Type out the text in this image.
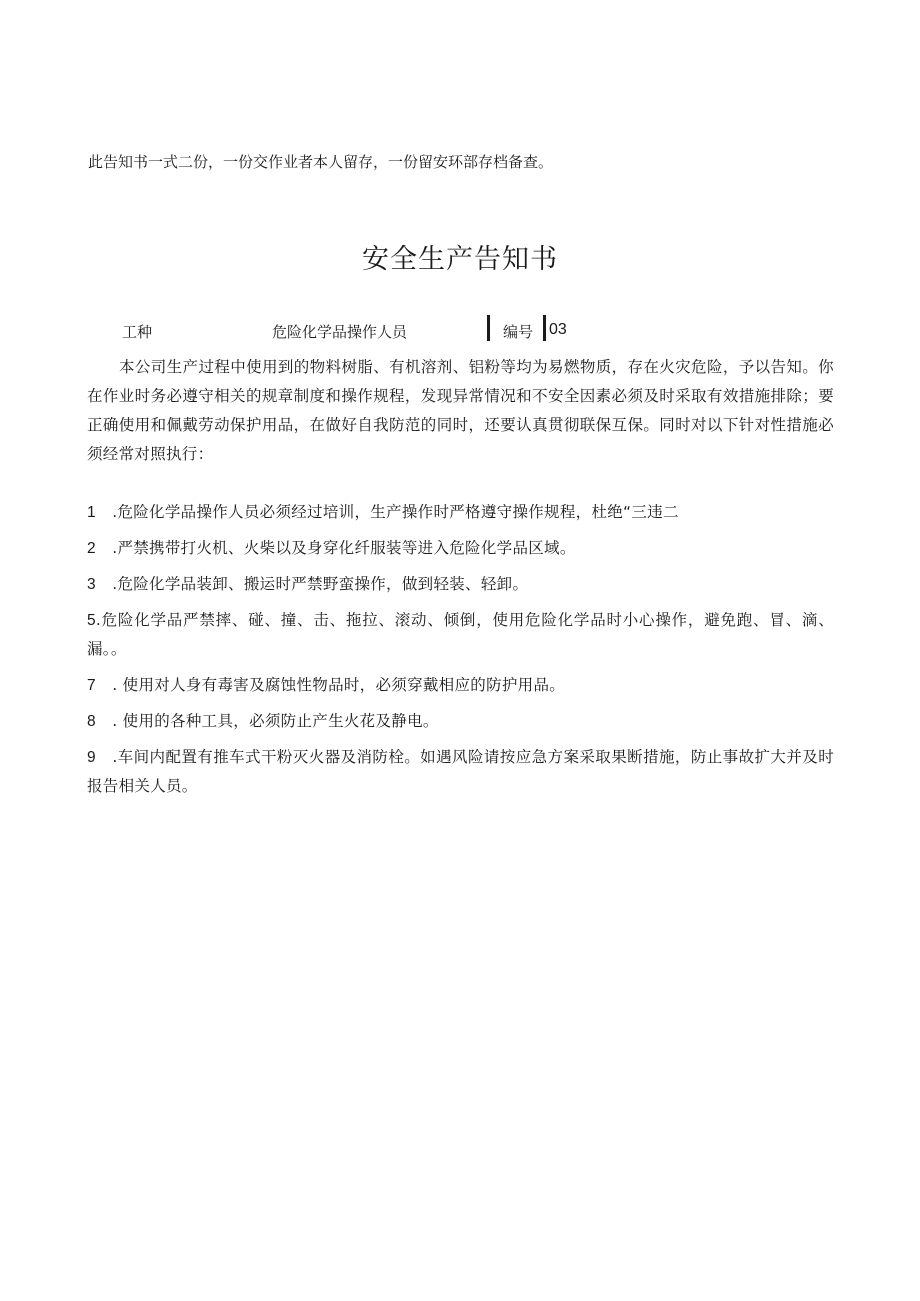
此告知书一式二份，一份交作业者本人留存，一份留安环部存档备查。
安全生产告知书
工种	危险化学品操作人员	编号 03
本公司生产过程中使用到的物料树脂、有机溶剂、铝粉等均为易燃物质，存在火灾危险，予以告知。你在作业时务必遵守相关的规章制度和操作规程，发现异常情况和不安全因素必须及时采取有效措施排除；要正确使用和佩戴劳动保护用品，在做好自我防范的同时，还要认真贯彻联保互保。同时对以下针对性措施必须经常对照执行：
1 .危险化学品操作人员必须经过培训，生产操作时严格遵守操作规程，杜绝“三违二
2 .严禁携带打火机、火柴以及身穿化纤服装等进入危险化学品区域。
3 .危险化学品装卸、搬运时严禁野蛮操作，做到轻装、轻卸。
5.危险化学品严禁摔、碰、撞、击、拖拉、滚动、倾倒，使用危险化学品时小心操作，避免跑、冒、滴、漏。。
7 . 使用对人身有毒害及腐蚀性物品时，必须穿戴相应的防护用品。
8 . 使用的各种工具，必须防止产生火花及静电。
9 .车间内配置有推车式干粉灭火器及消防栓。如遇风险请按应急方案采取果断措施，防止事故扩大并及时报告相关人员。
